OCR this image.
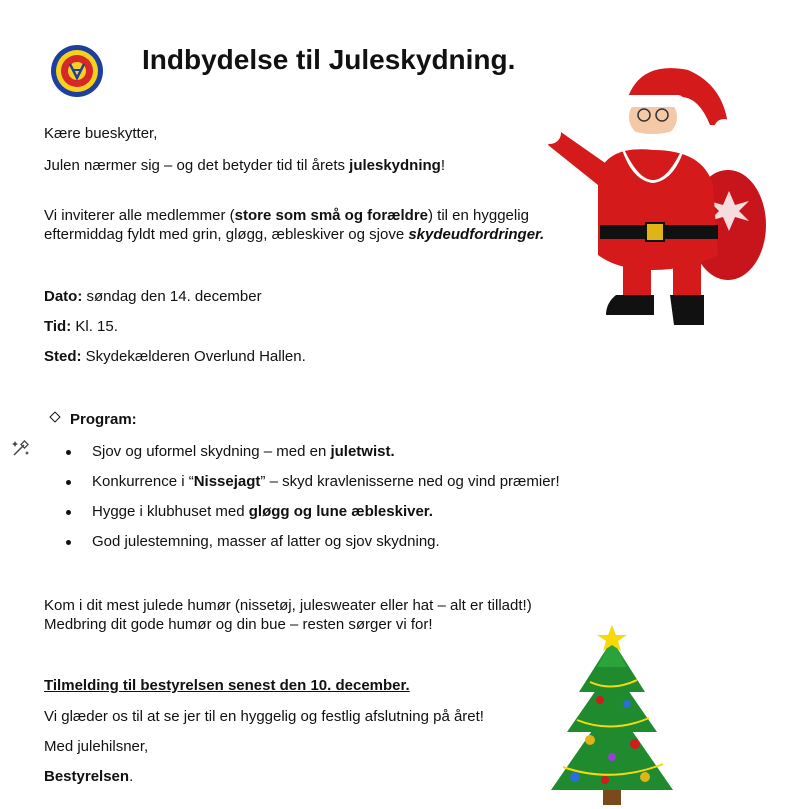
Indbydelse til Juleskydning.
Kære bueskytter,
Julen nærmer sig – og det betyder tid til årets juleskydning!
Vi inviterer alle medlemmer (store som små og forældre) til en hyggelig
eftermiddag fyldt med grin, gløgg, æbleskiver og sjove skydeudfordringer.
Dato: søndag den 14. december
Tid: Kl. 15.
Sted: Skydekælderen Overlund Hallen.
Program:
Sjov og uformel skydning – med en juletwist.
Konkurrence i “Nissejagt” – skyd kravlenisserne ned og vind præmier!
Hygge i klubhuset med gløgg og lune æbleskiver.
God julestemning, masser af latter og sjov skydning.
Kom i dit mest julede humør (nissetøj, julesweater eller hat – alt er tilladt!)
Medbring dit gode humør og din bue – resten sørger vi for!
Tilmelding til bestyrelsen senest den 10. december.
Vi glæder os til at se jer til en hyggelig og festlig afslutning på året!
Med julehilsner,
Bestyrelsen.
